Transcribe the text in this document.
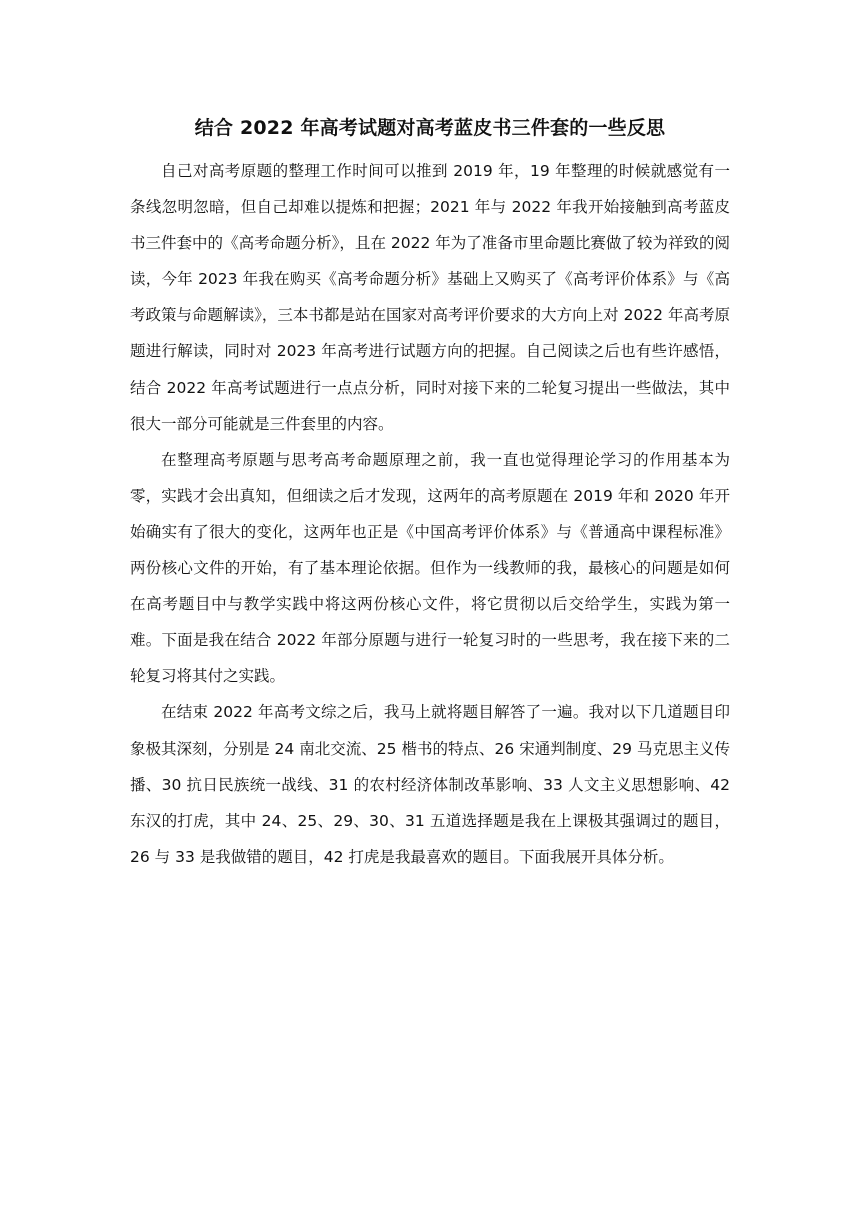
结合 2022 年高考试题对高考蓝皮书三件套的一些反思

自己对高考原题的整理工作时间可以推到 2019 年，19 年整理的时候就感觉有一条线忽明忽暗，但自己却难以提炼和把握；2021 年与 2022 年我开始接触到高考蓝皮书三件套中的《高考命题分析》，且在 2022 年为了准备市里命题比赛做了较为祥致的阅读，今年 2023 年我在购买《高考命题分析》基础上又购买了《高考评价体系》与《高考政策与命题解读》，三本书都是站在国家对高考评价要求的大方向上对 2022 年高考原题进行解读，同时对 2023 年高考进行试题方向的把握。自己阅读之后也有些许感悟，结合 2022 年高考试题进行一点点分析，同时对接下来的二轮复习提出一些做法，其中很大一部分可能就是三件套里的内容。

在整理高考原题与思考高考命题原理之前，我一直也觉得理论学习的作用基本为零，实践才会出真知，但细读之后才发现，这两年的高考原题在 2019 年和 2020 年开始确实有了很大的变化，这两年也正是《中国高考评价体系》与《普通高中课程标准》两份核心文件的开始，有了基本理论依据。但作为一线教师的我，最核心的问题是如何在高考题目中与教学实践中将这两份核心文件，将它贯彻以后交给学生，实践为第一难。下面是我在结合 2022 年部分原题与进行一轮复习时的一些思考，我在接下来的二轮复习将其付之实践。

在结束 2022 年高考文综之后，我马上就将题目解答了一遍。我对以下几道题目印象极其深刻，分别是 24 南北交流、25 楷书的特点、26 宋通判制度、29 马克思主义传播、30 抗日民族统一战线、31 的农村经济体制改革影响、33 人文主义思想影响、42 东汉的打虎，其中 24、25、29、30、31 五道选择题是我在上课极其强调过的题目，26 与 33 是我做错的题目，42 打虎是我最喜欢的题目。下面我展开具体分析。
